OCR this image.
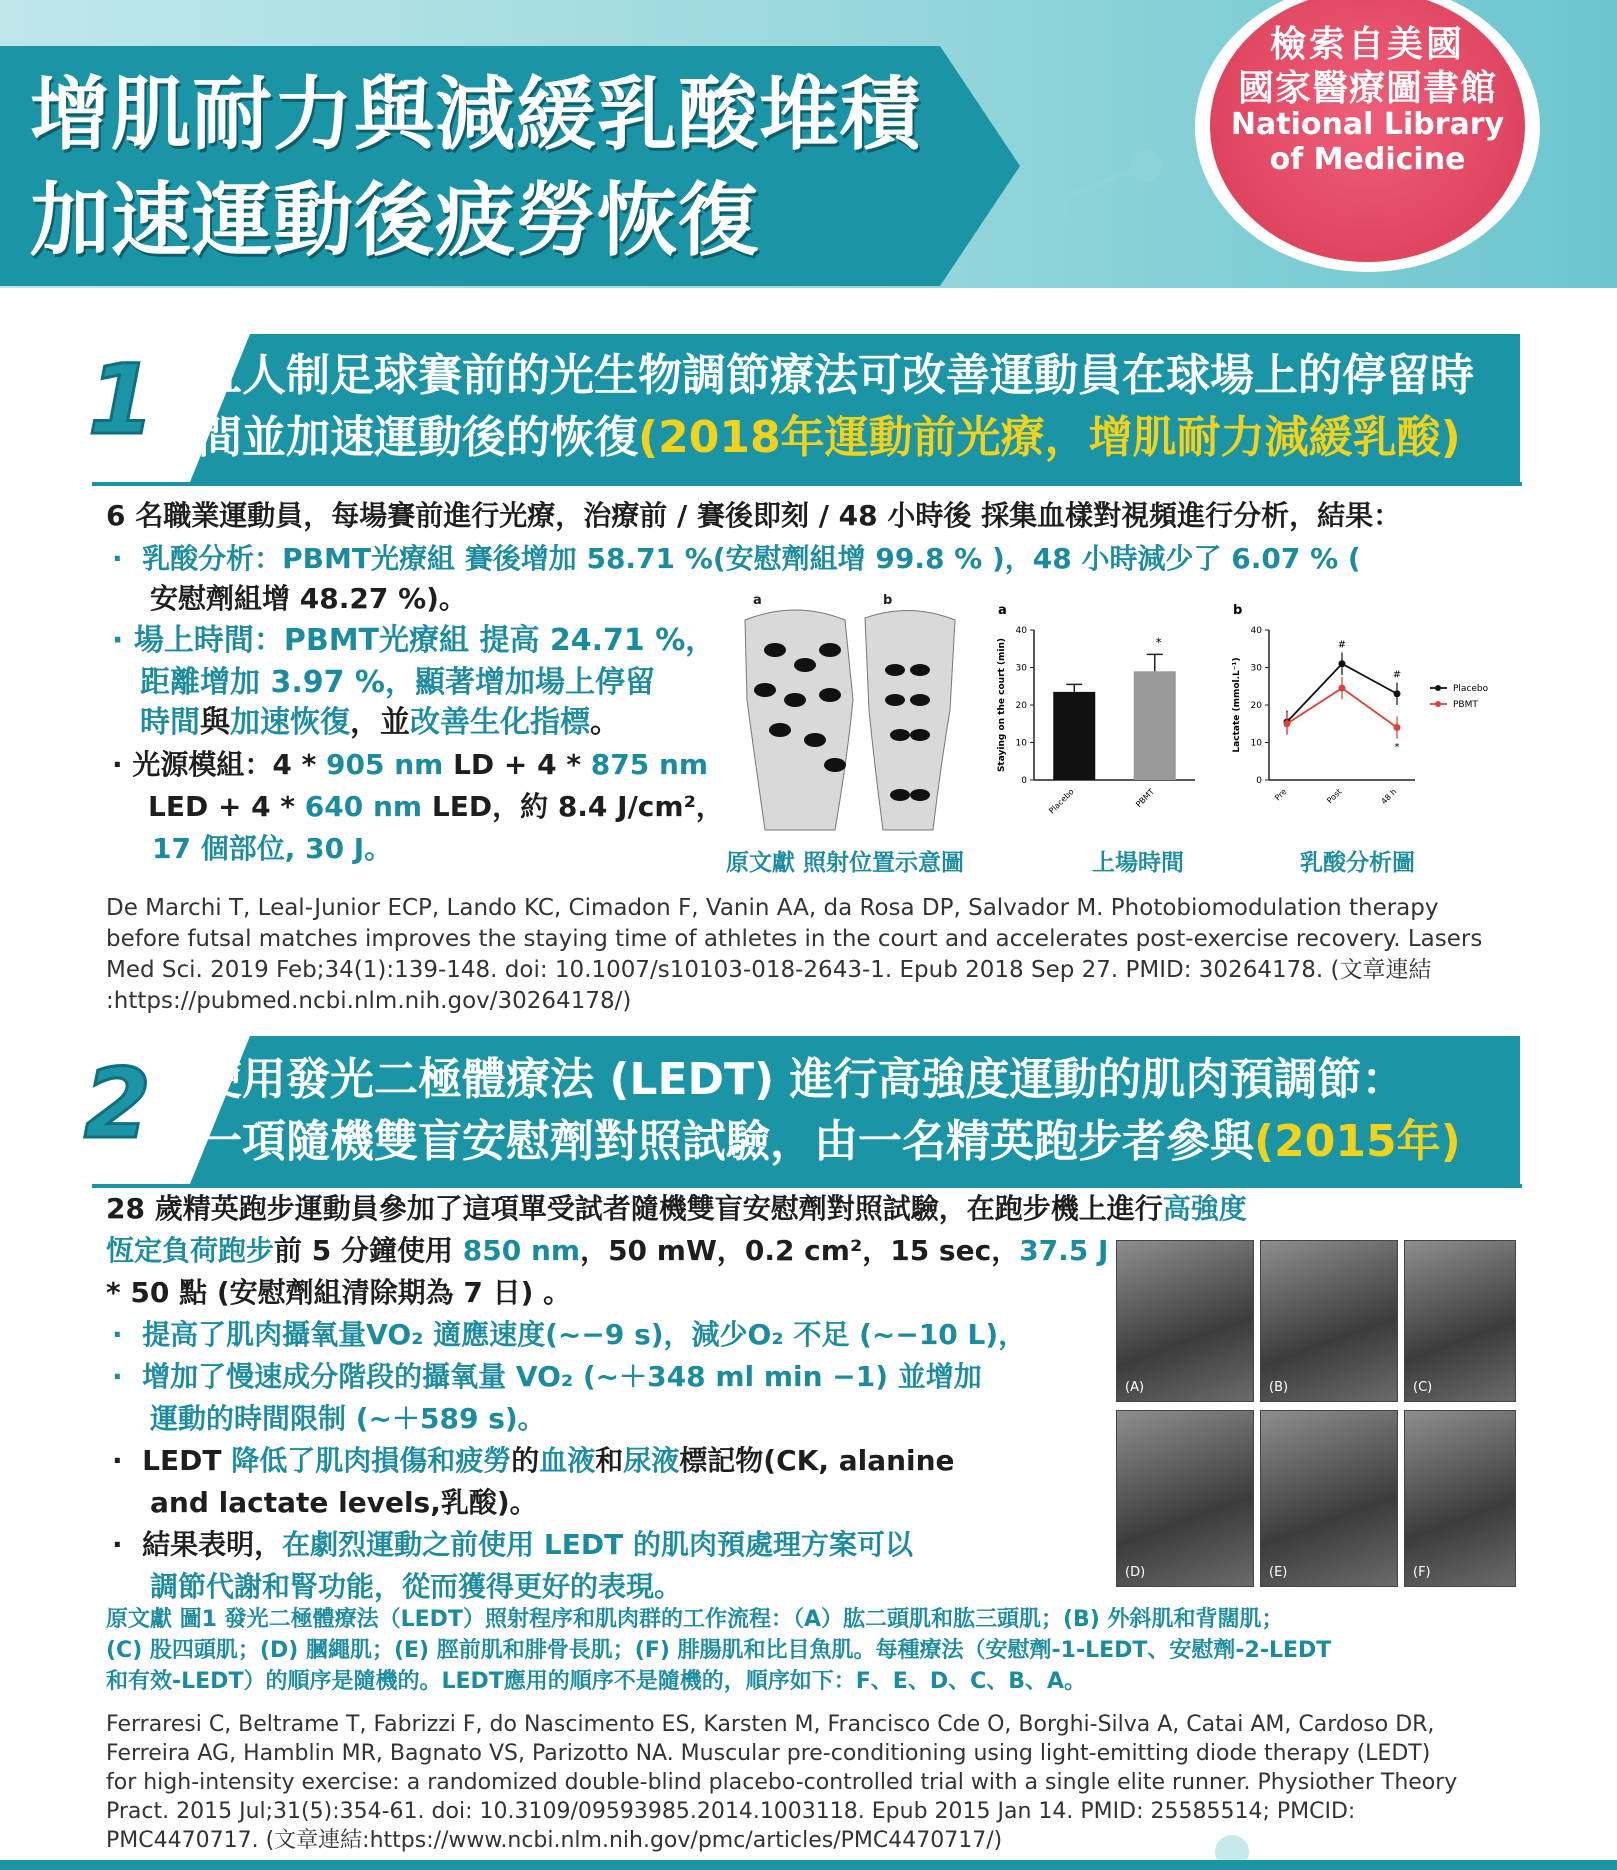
增肌耐力與減緩乳酸堆積
加速運動後疲勞恢復
檢索自美國
國家醫療圖書館
National Library
of Medicine
1 五人制足球賽前的光生物調節療法可改善運動員在球場上的停留時
間並加速運動後的恢復(2018年運動前光療，增肌耐力減緩乳酸)
6 名職業運動員，每場賽前進行光療，治療前 / 賽後即刻 / 48 小時後 採集血樣對視頻進行分析，結果：
·  乳酸分析：PBMT光療組 賽後增加 58.71 %(安慰劑組增 99.8 % )，48 小時減少了 6.07 % (
安慰劑組增 48.27 %)。
· 場上時間：PBMT光療組 提高 24.71 %，
距離增加 3.97 %，顯著增加場上停留
時間與加速恢復，並改善生化指標。
· 光源模組：4 * 905 nm LD + 4 * 875 nm
LED + 4 * 640 nm LED，約 8.4 J/cm²，
17 個部位, 30 J。
a	b
a
0
10
20
30
40
Staying on the court (min)
Placebo	PBMT
*
b
0
10
20
30
40
Lactate (mmol.L⁻¹)
Pre	Post	48 h
Placebo
PBMT
#
#
*
原文獻 照射位置示意圖	上場時間	乳酸分析圖
De Marchi T, Leal-Junior ECP, Lando KC, Cimadon F, Vanin AA, da Rosa DP, Salvador M. Photobiomodulation therapy
before futsal matches improves the staying time of athletes in the court and accelerates post-exercise recovery. Lasers
Med Sci. 2019 Feb;34(1):139-148. doi: 10.1007/s10103-018-2643-1. Epub 2018 Sep 27. PMID: 30264178. (文章連結
:https://pubmed.ncbi.nlm.nih.gov/30264178/)
2 使用發光二極體療法 (LEDT) 進行高強度運動的肌肉預調節：
一項隨機雙盲安慰劑對照試驗，由一名精英跑步者參與(2015年)
28 歲精英跑步運動員參加了這項單受試者隨機雙盲安慰劑對照試驗，在跑步機上進行高強度
恆定負荷跑步前 5 分鐘使用 850 nm，50 mW，0.2 cm²，15 sec，37.5 J
* 50 點 (安慰劑組清除期為 7 日) 。
·  提高了肌肉攝氧量VO₂ 適應速度(~−9 s)，減少O₂ 不足 (~−10 L)，
·  增加了慢速成分階段的攝氧量 VO₂ (~＋348 ml min −1) 並增加
運動的時間限制 (~＋589 s)。
·  LEDT 降低了肌肉損傷和疲勞的血液和尿液標記物(CK, alanine
and lactate levels,乳酸)。
·  結果表明，在劇烈運動之前使用 LEDT 的肌肉預處理方案可以
調節代謝和腎功能，從而獲得更好的表現。
(A)	(B)	(C)
(D)	(E)	(F)
原文獻 圖1 發光二極體療法（LEDT）照射程序和肌肉群的工作流程：（A）肱二頭肌和肱三頭肌；(B) 外斜肌和背闊肌；
(C) 股四頭肌；(D) 膕繩肌；(E) 脛前肌和腓骨長肌；(F) 腓腸肌和比目魚肌。每種療法（安慰劑-1-LEDT、安慰劑-2-LEDT
和有效-LEDT）的順序是隨機的。LEDT應用的順序不是隨機的，順序如下：F、E、D、C、B、A。
Ferraresi C, Beltrame T, Fabrizzi F, do Nascimento ES, Karsten M, Francisco Cde O, Borghi-Silva A, Catai AM, Cardoso DR,
Ferreira AG, Hamblin MR, Bagnato VS, Parizotto NA. Muscular pre-conditioning using light-emitting diode therapy (LEDT)
for high-intensity exercise: a randomized double-blind placebo-controlled trial with a single elite runner. Physiother Theory
Pract. 2015 Jul;31(5):354-61. doi: 10.3109/09593985.2014.1003118. Epub 2015 Jan 14. PMID: 25585514; PMCID:
PMC4470717. (文章連結:https://www.ncbi.nlm.nih.gov/pmc/articles/PMC4470717/)
